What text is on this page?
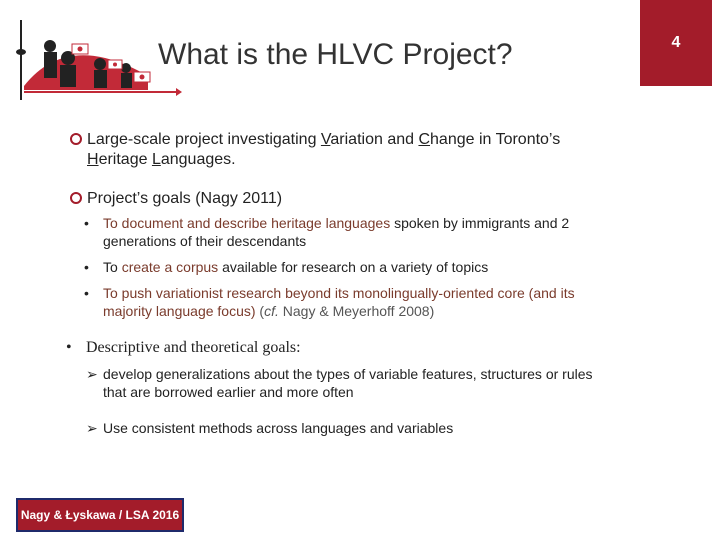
What is the HLVC Project?	4
Large-scale project investigating Variation and Change in Toronto’s
Heritage Languages.
Project’s goals (Nagy 2011)
• To document and describe heritage languages spoken by immigrants and 2
generations of their descendants
• To create a corpus available for research on a variety of topics
• To push variationist research beyond its monolingually-oriented core (and its
majority language focus) (cf. Nagy & Meyerhoff 2008)
• Descriptive and theoretical goals:
➢ develop generalizations about the types of variable features, structures or rules
that are borrowed earlier and more often
➢ Use consistent methods across languages and variables
Nagy & Łyskawa / LSA 2016
